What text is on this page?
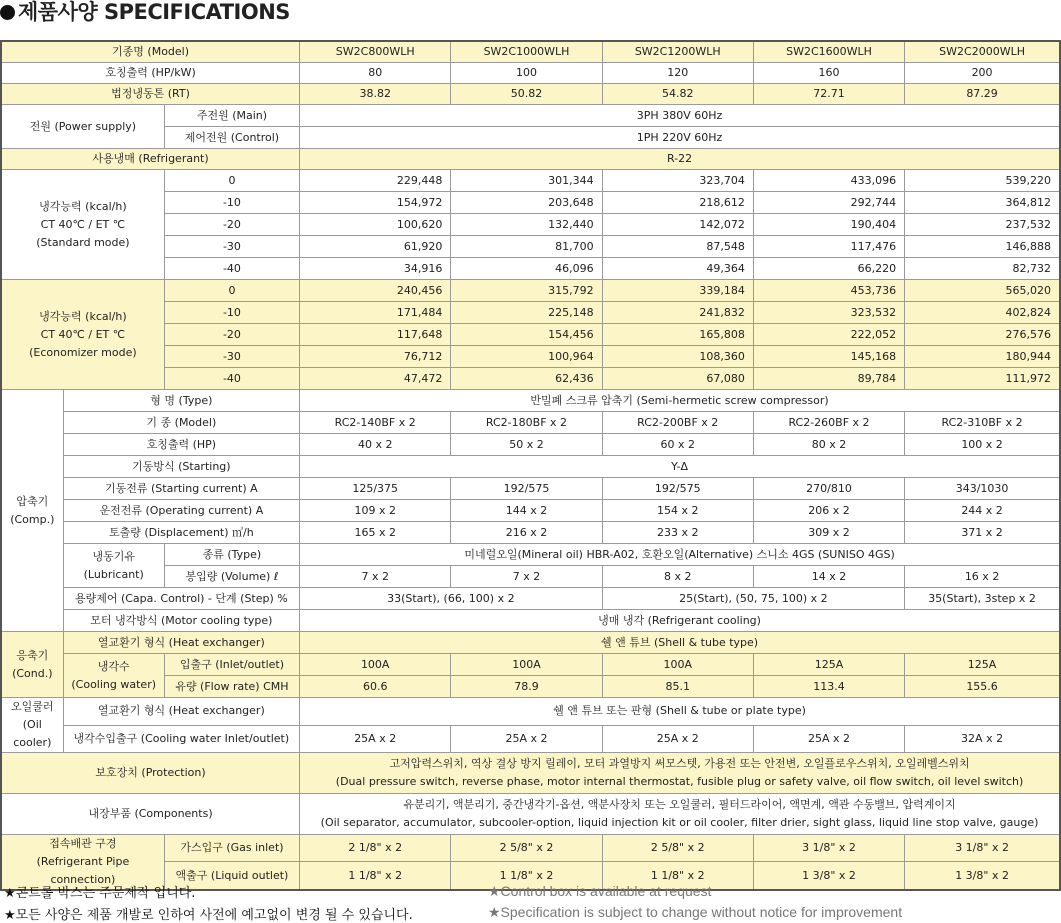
제품사양 SPECIFICATIONS
기종명 (Model)			SW2C800WLH	SW2C1000WLH	SW2C1200WLH	SW2C1600WLH	SW2C2000WLH
호칭출력 (HP/kW)			80	100	120	160	200
법정냉동톤 (RT)			38.82	50.82	54.82	72.71	87.29
전원 (Power supply)		주전원 (Main)	3PH 380V 60Hz				
		제어전원 (Control)	1PH 220V 60Hz				
사용냉매 (Refrigerant)			R-22				

냉각능력 (kcal/h)
CT 40℃ / ET ℃
(Standard mode)		0	229,448	301,344	323,704	433,096	539,220
		-10	154,972	203,648	218,612	292,744	364,812
		-20	100,620	132,440	142,072	190,404	237,532
		-30	61,920	81,700	87,548	117,476	146,888
		-40	34,916	46,096	49,364	66,220	82,732

냉각능력 (kcal/h)
CT 40℃ / ET ℃
(Economizer mode)		0	240,456	315,792	339,184	453,736	565,020
		-10	171,484	225,148	241,832	323,532	402,824
		-20	117,648	154,456	165,808	222,052	276,576
		-30	76,712	100,964	108,360	145,168	180,944
		-40	47,472	62,436	67,080	89,784	111,972

압축기
(Comp.)	형 명 (Type)		반밀폐 스크류 압축기 (Semi-hermetic screw compressor)				
	기 종 (Model)		RC2-140BF x 2	RC2-180BF x 2	RC2-200BF x 2	RC2-260BF x 2	RC2-310BF x 2
	호칭출력 (HP)		40 x 2	50 x 2	60 x 2	80 x 2	100 x 2
	기동방식 (Starting)		Y-Δ				
	기동전류 (Starting current) A		125/375	192/575	192/575	270/810	343/1030
	운전전류 (Operating current) A		109 x 2	144 x 2	154 x 2	206 x 2	244 x 2
	토출량 (Displacement) ㎥/h		165 x 2	216 x 2	233 x 2	309 x 2	371 x 2

	냉동기유
(Lubricant)	종류 (Type)	미네럴오일(Mineral oil) HBR-A02, 호환오일(Alternative) 스니소 4GS (SUNISO 4GS)				
		봉입량 (Volume) ℓ	7 x 2	7 x 2	8 x 2	14 x 2	16 x 2
	용량제어 (Capa. Control) - 단계 (Step) %		33(Start), (66, 100) x 2		25(Start), (50, 75, 100) x 2		35(Start), 3step x 2
	모터 냉각방식 (Motor cooling type)		냉매 냉각 (Refrigerant cooling)				

응축기
(Cond.)	열교환기 형식 (Heat exchanger)		쉘 앤 튜브 (Shell & tube type)				

	냉각수
(Cooling water)	입출구 (Inlet/outlet)	100A	100A	100A	125A	125A
		유량 (Flow rate) CMH	60.6	78.9	85.1	113.4	155.6

오일쿨러
(Oil cooler)	열교환기 형식 (Heat exchanger)		쉘 앤 튜브 또는 판형 (Shell & tube or plate type)				
	냉각수입출구 (Cooling water Inlet/outlet)		25A x 2	25A x 2	25A x 2	25A x 2	32A x 2
보호장치 (Protection)			고저압력스위치, 역상 결상 방지 릴레이, 모터 과열방지 써모스텟, 가용전 또는 안전변, 오일플로우스위치, 오일레벨스위치
(Dual pressure switch, reverse phase, motor internal thermostat, fusible plug or safety valve, oil flow switch, oil level switch)				

내장부품 (Components)			유분리기, 액분리기, 중간냉각기-옵션, 액분사장치 또는 오일쿨러, 필터드라이어, 액면계, 액관 수동밸브, 압력계이지
(Oil separator, accumulator, subcooler-option, liquid injection kit or oil cooler, filter drier, sight glass, liquid line stop valve, gauge)				

접속배관 구경
(Refrigerant Pipe connection)		가스입구 (Gas inlet)	2 1/8" x 2	2 5/8" x 2	2 5/8" x 2	3 1/8" x 2	3 1/8" x 2
		액출구 (Liquid outlet)	1 1/8" x 2	1 1/8" x 2	1 1/8" x 2	1 3/8" x 2	1 3/8" x 2
★콘트롤 박스는 주문제작 입니다.
★모든 사양은 제품 개발로 인하여 사전에 예고없이 변경 될 수 있습니다.
★Control box is available at request
★Specification is subject to change without notice for improvement
